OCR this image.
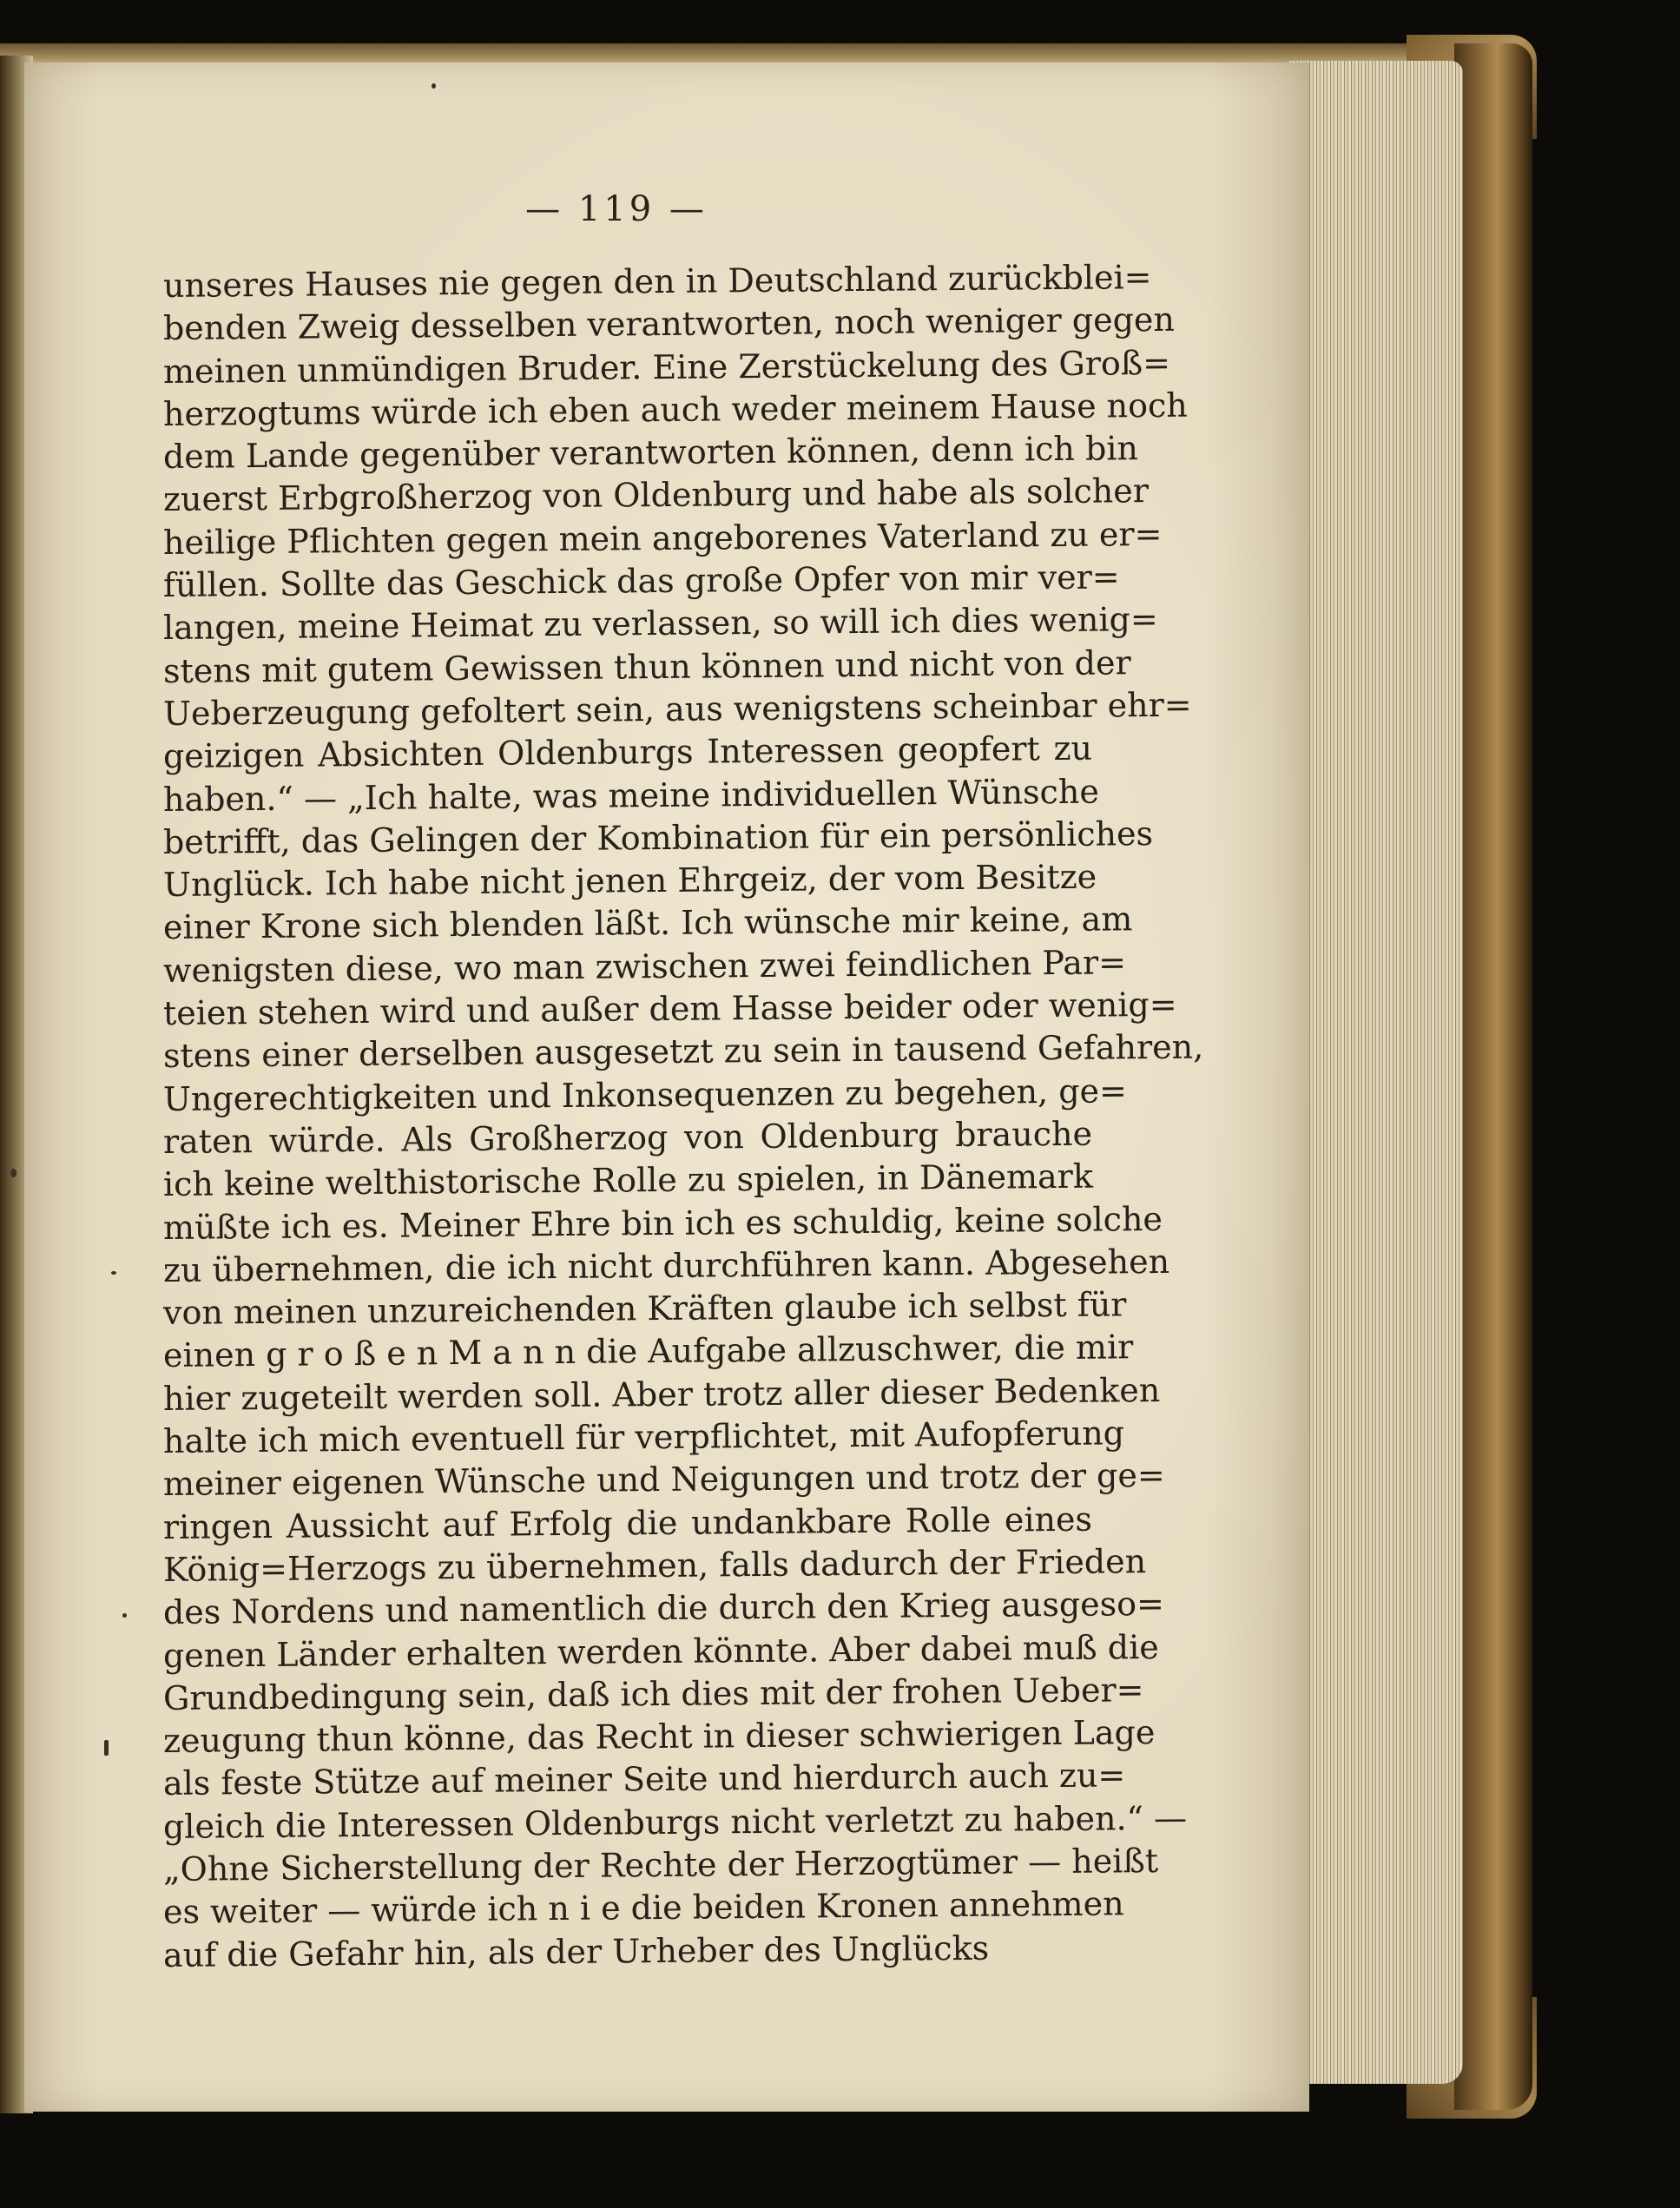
— 119 —
unseres Hauses nie gegen den in Deutschland zurückblei=
benden Zweig desselben verantworten, noch weniger gegen
meinen unmündigen Bruder. Eine Zerstückelung des Groß=
herzogtums würde ich eben auch weder meinem Hause noch
dem Lande gegenüber verantworten können, denn ich bin
zuerst Erbgroßherzog von Oldenburg und habe als solcher
heilige Pflichten gegen mein angeborenes Vaterland zu er=
füllen. Sollte das Geschick das große Opfer von mir ver=
langen, meine Heimat zu verlassen, so will ich dies wenig=
stens mit gutem Gewissen thun können und nicht von der
Ueberzeugung gefoltert sein, aus wenigstens scheinbar ehr=
geizigen Absichten Oldenburgs Interessen geopfert zu
haben.“ — „Ich halte, was meine individuellen Wünsche
betrifft, das Gelingen der Kombination für ein persönliches
Unglück. Ich habe nicht jenen Ehrgeiz, der vom Besitze
einer Krone sich blenden läßt. Ich wünsche mir keine, am
wenigsten diese, wo man zwischen zwei feindlichen Par=
teien stehen wird und außer dem Hasse beider oder wenig=
stens einer derselben ausgesetzt zu sein in tausend Gefahren,
Ungerechtigkeiten und Inkonsequenzen zu begehen, ge=
raten würde. Als Großherzog von Oldenburg brauche
ich keine welthistorische Rolle zu spielen, in Dänemark
müßte ich es. Meiner Ehre bin ich es schuldig, keine solche
zu übernehmen, die ich nicht durchführen kann. Abgesehen
von meinen unzureichenden Kräften glaube ich selbst für
einen g r o ß e n M a n n die Aufgabe allzuschwer, die mir
hier zugeteilt werden soll. Aber trotz aller dieser Bedenken
halte ich mich eventuell für verpflichtet, mit Aufopferung
meiner eigenen Wünsche und Neigungen und trotz der ge=
ringen Aussicht auf Erfolg die undankbare Rolle eines
König=Herzogs zu übernehmen, falls dadurch der Frieden
des Nordens und namentlich die durch den Krieg ausgeso=
genen Länder erhalten werden könnte. Aber dabei muß die
Grundbedingung sein, daß ich dies mit der frohen Ueber=
zeugung thun könne, das Recht in dieser schwierigen Lage
als feste Stütze auf meiner Seite und hierdurch auch zu=
gleich die Interessen Oldenburgs nicht verletzt zu haben.“ —
„Ohne Sicherstellung der Rechte der Herzogtümer — heißt
es weiter — würde ich n i e die beiden Kronen annehmen
auf die Gefahr hin, als der Urheber des Unglücks
